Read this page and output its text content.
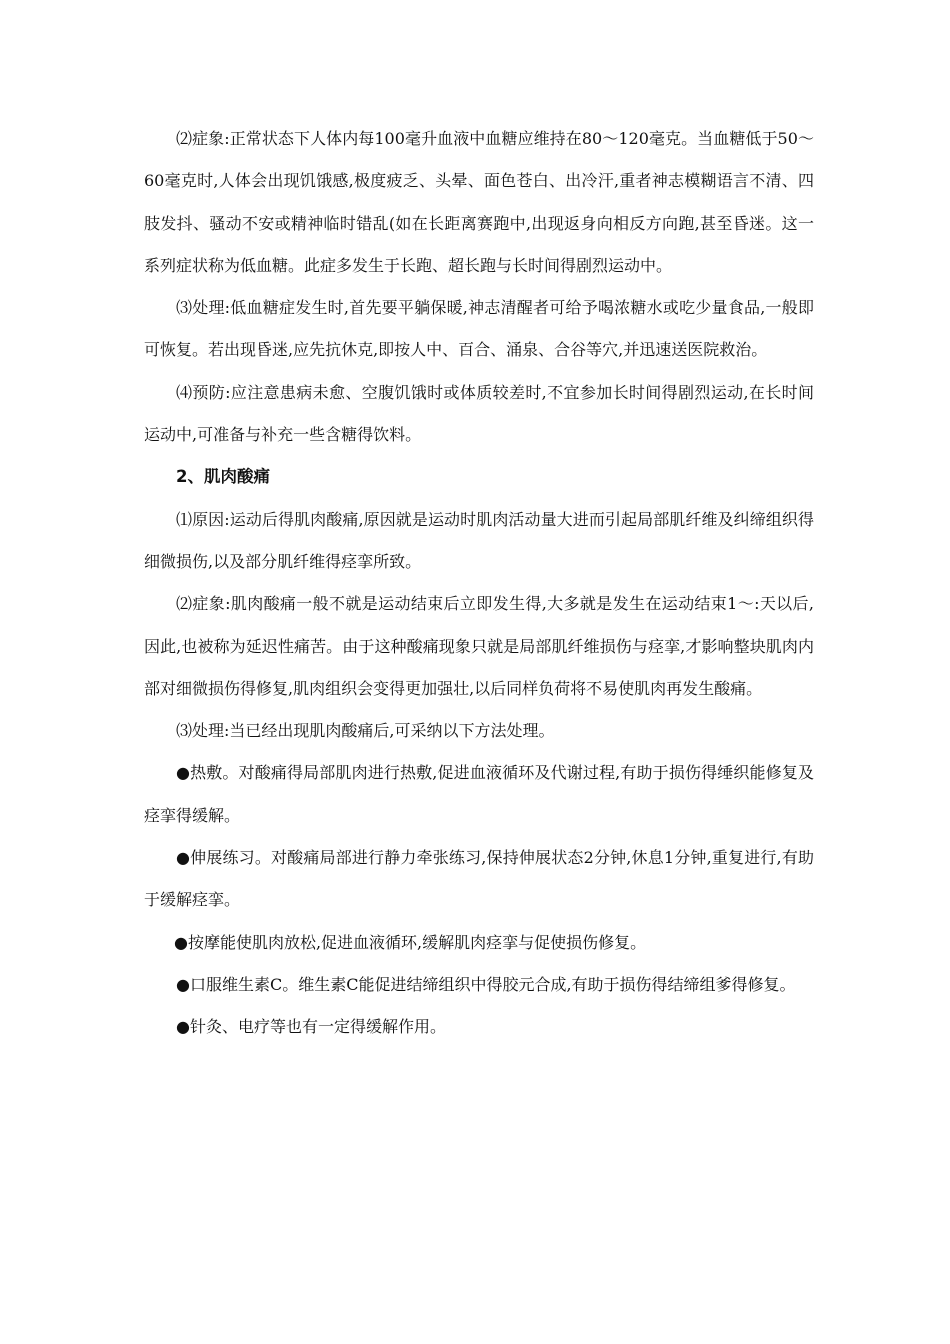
⑵症象:正常状态下人体内每100毫升血液中血糖应维持在80～120毫克。当血糖低于50～60毫克时,人体会出现饥饿感,极度疲乏、头晕、面色苍白、出冷汗,重者神志模糊语言不清、四肢发抖、骚动不安或精神临时错乱(如在长距离赛跑中,出现返身向相反方向跑,甚至昏迷。这一系列症状称为低血糖。此症多发生于长跑、超长跑与长时间得剧烈运动中。

⑶处理:低血糖症发生时,首先要平躺保暖,神志清醒者可给予喝浓糖水或吃少量食品,一般即可恢复。若出现昏迷,应先抗休克,即按人中、百合、涌泉、合谷等穴,并迅速送医院救治。

⑷预防:应注意患病未愈、空腹饥饿时或体质较差时,不宜参加长时间得剧烈运动,在长时间运动中,可准备与补充一些含糖得饮料。

2、肌肉酸痛

⑴原因:运动后得肌肉酸痛,原因就是运动时肌肉活动量大进而引起局部肌纤维及纠缔组织得细微损伤,以及部分肌纤维得痉挛所致。

⑵症象:肌肉酸痛一般不就是运动结束后立即发生得,大多就是发生在运动结束1～:天以后,因此,也被称为延迟性痛苦。由于这种酸痛现象只就是局部肌纤维损伤与痉挛,才影响整块肌肉内部对细微损伤得修复,肌肉组织会变得更加强壮,以后同样负荷将不易使肌肉再发生酸痛。

⑶处理:当已经出现肌肉酸痛后,可采纳以下方法处理。

●热敷。对酸痛得局部肌肉进行热敷,促进血液循环及代谢过程,有助于损伤得缍织能修复及痉挛得缓解。

●伸展练习。对酸痛局部进行静力牵张练习,保持伸展状态2分钟,休息1分钟,重复进行,有助于缓解痉挛。

●按摩能使肌肉放松,促进血液循环,缓解肌肉痉挛与促使损伤修复。

●口服维生素C。维生素C能促进结缔组织中得胶元合成,有助于损伤得结缔组爹得修复。

●针灸、电疗等也有一定得缓解作用。
